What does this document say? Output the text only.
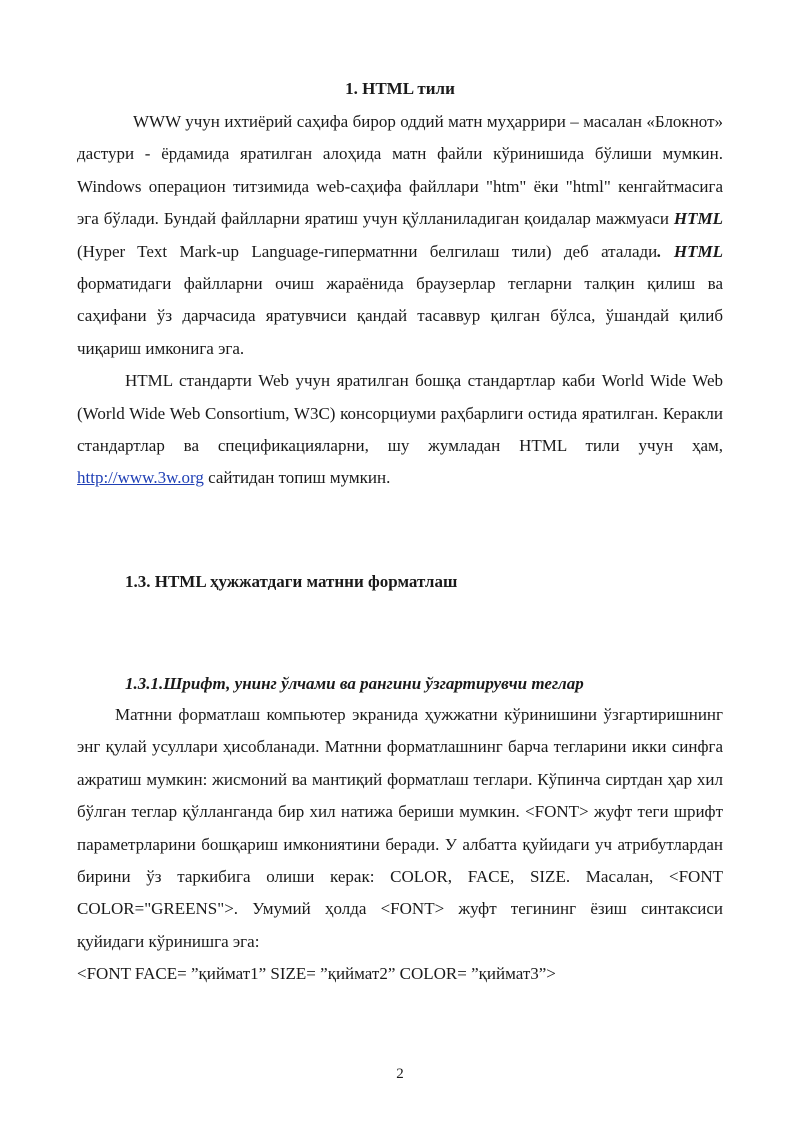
1. HTML тили

WWW учун ихтиёрий саҳифа бирор оддий матн муҳаррири – масалан «Блокнот» дастури - ёрдамида яратилган алоҳида матн файли кўринишида бўлиши мумкин. Windows операцион титзимида web-саҳифа файллари "htm" ёки "html" кенгайтмасига эга бўлади. Бундай файлларни яратиш учун қўлланиладиган қоидалар мажмуаси HTML (Hyper Text Mark-up Language-гиперматнни белгилаш тили) деб аталади. HTML форматидаги файлларни очиш жараёнида браузерлар тегларни талқин қилиш ва саҳифани ўз дарчасида яратувчиси қандай тасаввур қилган бўлса, ўшандай қилиб чиқариш имконига эга.

HTML стандарти Web учун яратилган бошқа стандартлар каби World Wide Web (World Wide Web Consortium, W3C) консорциуми раҳбарлиги остида яратилган. Керакли стандартлар ва спецификацияларни, шу жумладан HTML тили учун ҳам, http://www.3w.org сайтидан топиш мумкин.

1.3. HTML ҳужжатдаги матнни форматлаш

1.3.1.Шрифт, унинг ўлчами ва рангини ўзгартирувчи теглар

Матнни форматлаш компьютер экранида ҳужжатни кўринишини ўзгартиришнинг энг қулай усуллари ҳисобланади. Матнни форматлашнинг барча тегларини икки синфга ажратиш мумкин: жисмоний ва мантиқий форматлаш теглари. Кўпинча сиртдан ҳар хил бўлган теглар қўлланганда бир хил натижа бериши мумкин. <FONT> жуфт теги шрифт параметрларини бошқариш имкониятини беради. У албатта қуйидаги уч атрибутлардан бирини ўз таркибига олиши керак: COLOR, FACE, SIZE. Масалан, <FONT COLOR="GREENS">. Умумий ҳолда <FONT> жуфт тегининг ёзиш синтаксиси қуйидаги кўринишга эга:

<FONT FACE= ”қиймат1” SIZE= ”қиймат2” COLOR= ”қиймат3”>

2
